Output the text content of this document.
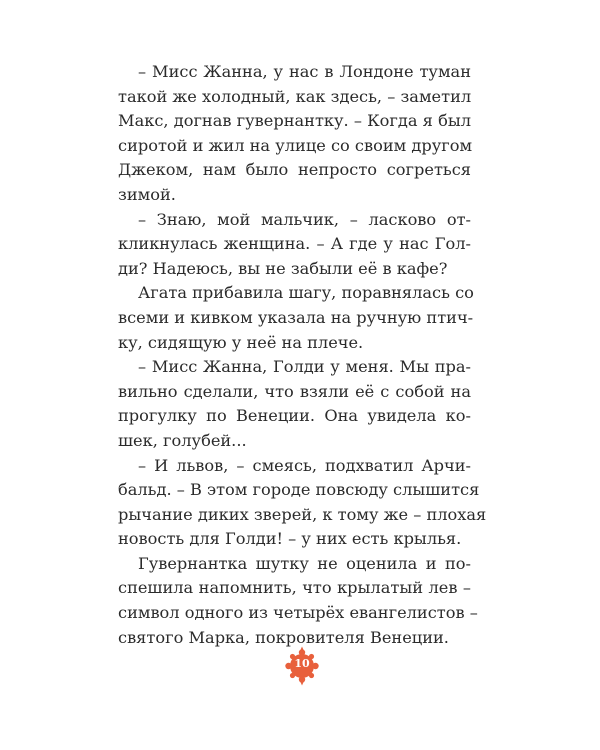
– Мисс Жанна, у нас в Лондоне туман
такой же холодный, как здесь, – заметил
Макс, догнав гувернантку. – Когда я был
сиротой и жил на улице со своим другом
Джеком, нам было непросто согреться
зимой.
– Знаю, мой мальчик, – ласково от-
кликнулась женщина. – А где у нас Гол-
ди? Надеюсь, вы не забыли её в кафе?
Агата прибавила шагу, поравнялась со
всеми и кивком указала на ручную птич-
ку, сидящую у неё на плече.
– Мисс Жанна, Голди у меня. Мы пра-
вильно сделали, что взяли её с собой на
прогулку по Венеции. Она увидела ко-
шек, голубей...
– И львов, – смеясь, подхватил Арчи-
бальд. – В этом городе повсюду слышится
рычание диких зверей, к тому же – плохая
новость для Голди! – у них есть крылья.
Гувернантка шутку не оценила и по-
спешила напомнить, что крылатый лев –
символ одного из четырёх евангелистов –
святого Марка, покровителя Венеции.
10
